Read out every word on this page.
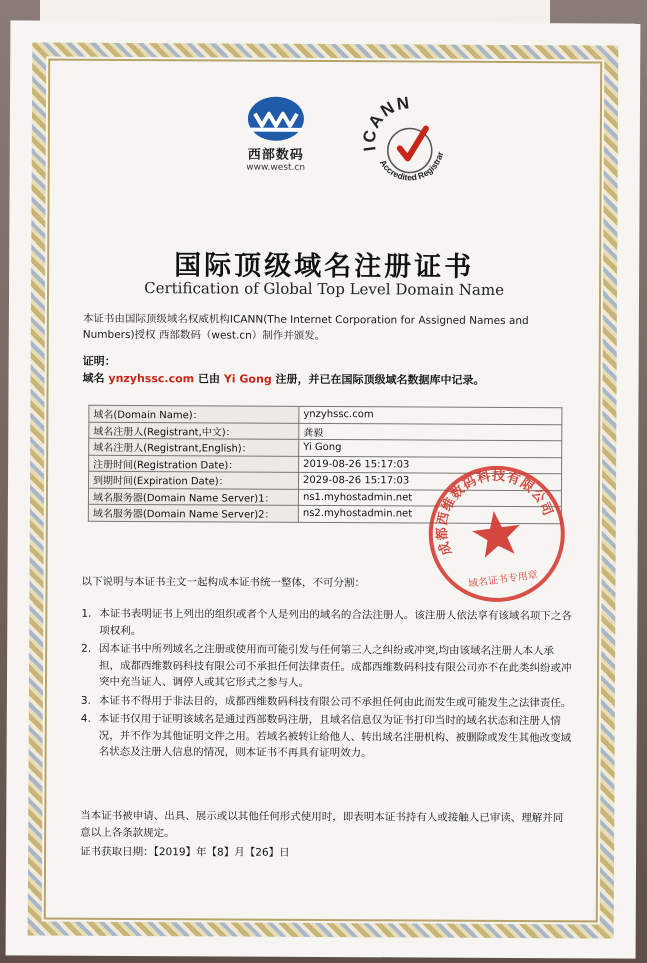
西部数码
www.west.cn
ICANN
Accredited Registrar
国际顶级域名注册证书
Certification of Global Top Level Domain Name
本证书由国际顶级域名权威机构ICANN(The Internet Corporation for Assigned Names and Numbers)授权 西部数码（west.cn）制作并颁发。
证明：
域名 ynzyhssc.com 已由 Yi Gong 注册，并已在国际顶级域名数据库中记录。
域名(Domain Name)：	ynzyhssc.com
域名注册人(Registrant,中文)：	龚毅
域名注册人(Registrant,English)：	Yi Gong
注册时间(Registration Date)：	2019-08-26 15:17:03
到期时间(Expiration Date)：	2029-08-26 15:17:03
域名服务器(Domain Name Server)1：	ns1.myhostadmin.net
域名服务器(Domain Name Server)2：	ns2.myhostadmin.net
成都西维数码科技有限公司
域名证书专用章
以下说明与本证书主文一起构成本证书统一整体，不可分割：
1. 本证书表明证书上列出的组织或者个人是列出的域名的合法注册人。该注册人依法享有该域名项下之各项权利。
2. 因本证书中所列域名之注册或使用而可能引发与任何第三人之纠纷或冲突,均由该域名注册人本人承担，成都西维数码科技有限公司不承担任何法律责任。成都西维数码科技有限公司亦不在此类纠纷或冲突中充当证人、调停人或其它形式之参与人。
3. 本证书不得用于非法目的，成都西维数码科技有限公司不承担任何由此而发生或可能发生之法律责任。
4. 本证书仅用于证明该域名是通过西部数码注册，且域名信息仅为证书打印当时的域名状态和注册人情况，并不作为其他证明文件之用。若域名被转让给他人、转出域名注册机构、被删除或发生其他改变域名状态及注册人信息的情况，则本证书不再具有证明效力。
当本证书被申请、出具、展示或以其他任何形式使用时，即表明本证书持有人或接触人已审读、理解并同意以上各条款规定。
证书获取日期：【2019】年【8】月【26】日
